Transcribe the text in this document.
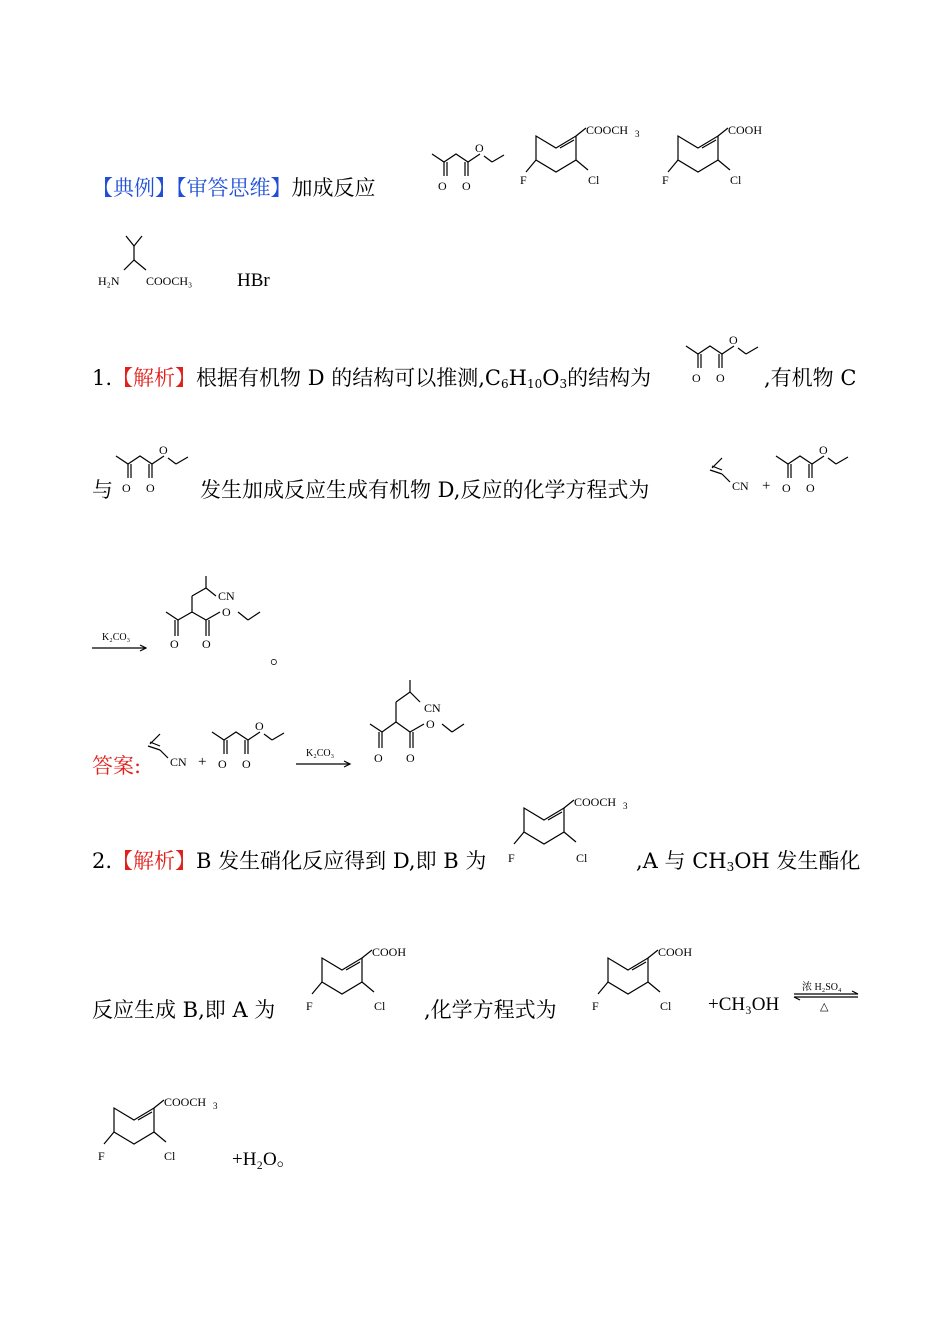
【典例】【审答思维】加成反应	O O
O
COOCH 3
Cl
F
COOH
Cl
F
H₂N COOCH₃ HBr
1.【解析】根据有机物 D 的结构可以推测$,C_6H_{10}O_3$的结构为	O O
O
,有机物 C
与 O O
O
发生加成反应生成有机物 D,反应的化学方程式为	CN + O O
O
K₂CO₃
CN
O
O O	。
答案: CN + O O
O
K₂CO₃
CN
O
O O
2.【解析】B 发生硝化反应得到 D,即 B 为
COOCH 3
Cl
F	,A 与 $CH_3OH$ 发生酯化
反应生成 B,即 A 为
COOH
Cl
F	,化学方程式为
COOH
Cl
F	+CH₃OH
浓 H₂SO₄
△
COOCH 3
Cl
F	+H₂O。
